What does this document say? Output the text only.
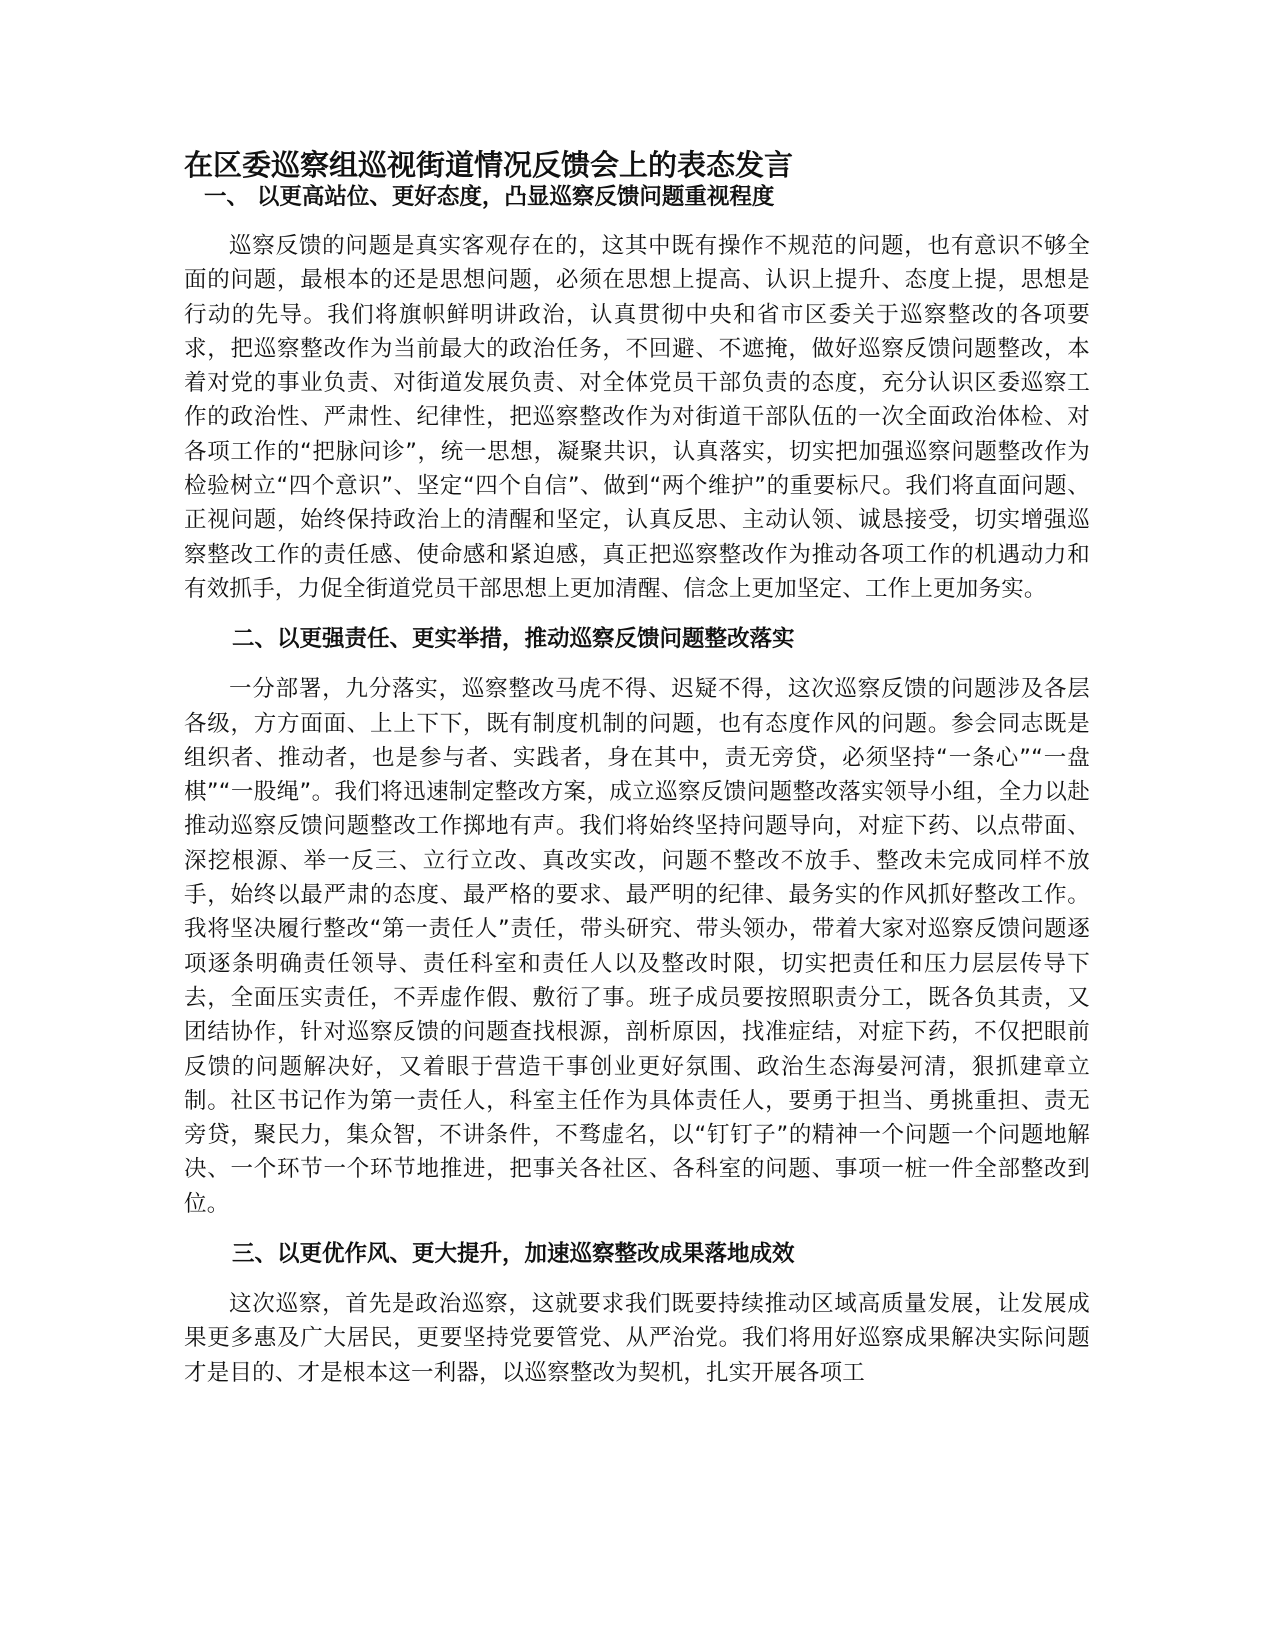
在区委巡察组巡视街道情况反馈会上的表态发言
一、 以更高站位、更好态度，凸显巡察反馈问题重视程度

巡察反馈的问题是真实客观存在的，这其中既有操作不规范的问题，也有意识不够全面的问题，最根本的还是思想问题，必须在思想上提高、认识上提升、态度上提，思想是行动的先导。我们将旗帜鲜明讲政治，认真贯彻中央和省市区委关于巡察整改的各项要求，把巡察整改作为当前最大的政治任务，不回避、不遮掩，做好巡察反馈问题整改，本着对党的事业负责、对街道发展负责、对全体党员干部负责的态度，充分认识区委巡察工作的政治性、严肃性、纪律性，把巡察整改作为对街道干部队伍的一次全面政治体检、对各项工作的“把脉问诊”，统一思想，凝聚共识，认真落实，切实把加强巡察问题整改作为检验树立“四个意识”、坚定“四个自信”、做到“两个维护”的重要标尺。我们将直面问题、正视问题，始终保持政治上的清醒和坚定，认真反思、主动认领、诚恳接受，切实增强巡察整改工作的责任感、使命感和紧迫感，真正把巡察整改作为推动各项工作的机遇动力和有效抓手，力促全街道党员干部思想上更加清醒、信念上更加坚定、工作上更加务实。

二、以更强责任、更实举措，推动巡察反馈问题整改落实

一分部署，九分落实，巡察整改马虎不得、迟疑不得，这次巡察反馈的问题涉及各层各级，方方面面、上上下下，既有制度机制的问题，也有态度作风的问题。参会同志既是组织者、推动者，也是参与者、实践者，身在其中，责无旁贷，必须坚持“一条心”“一盘棋”“一股绳”。我们将迅速制定整改方案，成立巡察反馈问题整改落实领导小组，全力以赴推动巡察反馈问题整改工作掷地有声。我们将始终坚持问题导向，对症下药、以点带面、深挖根源、举一反三、立行立改、真改实改，问题不整改不放手、整改未完成同样不放手，始终以最严肃的态度、最严格的要求、最严明的纪律、最务实的作风抓好整改工作。我将坚决履行整改“第一责任人”责任，带头研究、带头领办，带着大家对巡察反馈问题逐项逐条明确责任领导、责任科室和责任人以及整改时限，切实把责任和压力层层传导下去，全面压实责任，不弄虚作假、敷衍了事。班子成员要按照职责分工，既各负其责，又团结协作，针对巡察反馈的问题查找根源，剖析原因，找准症结，对症下药，不仅把眼前反馈的问题解决好，又着眼于营造干事创业更好氛围、政治生态海晏河清，狠抓建章立制。社区书记作为第一责任人，科室主任作为具体责任人，要勇于担当、勇挑重担、责无旁贷，聚民力，集众智，不讲条件，不骛虚名，以“钉钉子”的精神一个问题一个问题地解决、一个环节一个环节地推进，把事关各社区、各科室的问题、事项一桩一件全部整改到位。

三、以更优作风、更大提升，加速巡察整改成果落地成效

这次巡察，首先是政治巡察，这就要求我们既要持续推动区域高质量发展，让发展成果更多惠及广大居民，更要坚持党要管党、从严治党。我们将用好巡察成果解决实际问题才是目的、才是根本这一利器，以巡察整改为契机，扎实开展各项工
